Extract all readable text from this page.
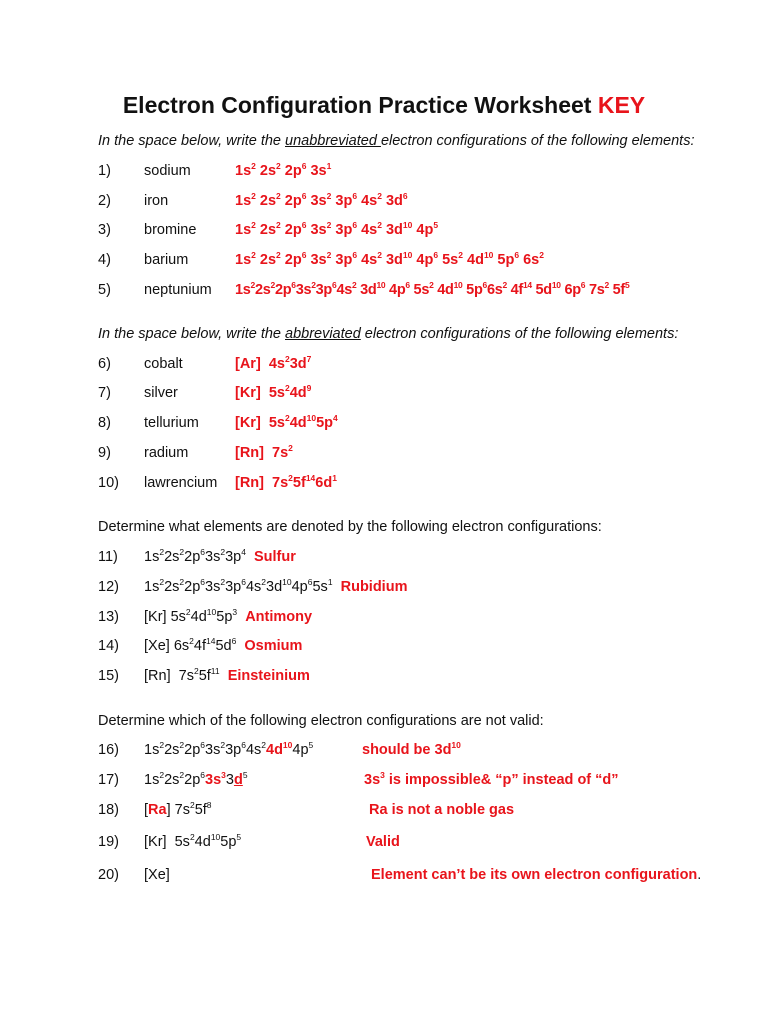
Electron Configuration Practice Worksheet KEY
In the space below, write the unabbreviated electron configurations of the following elements:
1) sodium	$1s^2$ $2s^2$ $2p^6$ $3s^1$
2) iron	$1s^2$ $2s^2$ $2p^6$ $3s^2$ $3p^6$ $4s^2$ $3d^6$
3) bromine	$1s^2$ $2s^2$ $2p^6$ $3s^2$ $3p^6$ $4s^2$ $3d^{10}$ $4p^5$
4) barium	$1s^2$ $2s^2$ $2p^6$ $3s^2$ $3p^6$ $4s^2$ $3d^{10}$ $4p^6$ $5s^2$ $4d^{10}$ $5p^6$ $6s^2$
5) neptunium $1s^22s^22p^63s^23p^64s^2$ $3d^{10}$ $4p^6$ $5s^2$ $4d^{10}$ $5p^66s^2$ $4f^{14}$ $5d^{10}$ $6p^6$ $7s^2$ $5f^5$
In the space below, write the abbreviated electron configurations of the following elements:
6) cobalt	[Ar]  $4s^23d^7$
7) silver	[Kr]  $5s^24d^9$
8) tellurium [Kr]  $5s^24d^{10}5p^4$
9) radium	[Rn]  $7s^2$
10) lawrencium [Rn]  $7s^25f^{14}6d^1$
Determine what elements are denoted by the following electron configurations:
11) $1s^22s^22p^63s^23p^4$ Sulfur
12) $1s^22s^22p^63s^23p^64s^23d^{10}4p^65s^1$ Rubidium
13) [Kr] $5s^24d^{10}5p^3$ Antimony
14) [Xe] $6s^24f^{14}5d^6$ Osmium
15) [Rn]  $7s^25f^{11}$ Einsteinium
Determine which of the following electron configurations are not valid:
16) $1s^22s^22p^63s^23p^64s^24d^{10}4p^5$	should be $3d^{10}$
17) $1s^22s^22p^63s^33d^5$	$3s^3$ is impossible& “p” instead of “d”
18) [Ra] $7s^25f^8$	Ra is not a noble gas
19) [Kr]  $5s^24d^{10}5p^5$	Valid
20) [Xe]	Element can’t be its own electron configuration.
